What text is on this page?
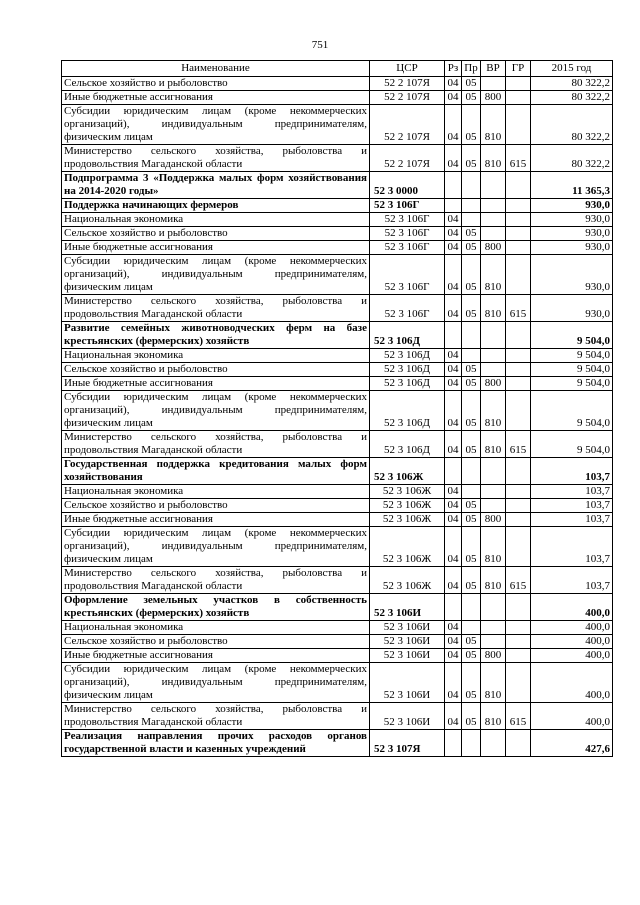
751
Наименование	ЦСР	Рз	Пр	ВР	ГР	2015 год
Сельское хозяйство и рыболовство	52 2 107Я	04	05			80 322,2
Иные бюджетные ассигнования	52 2 107Я	04	05	800		80 322,2
Субсидии юридическим лицам (кроме некоммерческих организаций), индивидуальным предпринимателям, физическим лицам	52 2 107Я	04	05	810		80 322,2
Министерство сельского хозяйства, рыболовства и продовольствия Магаданской области	52 2 107Я	04	05	810	615	80 322,2
Подпрограмма 3 «Поддержка малых форм хозяйствования на 2014-2020 годы»	52 3 0000					11 365,3
Поддержка начинающих фермеров	52 3 106Г					930,0
Национальная экономика	52 3 106Г	04				930,0
Сельское хозяйство и рыболовство	52 3 106Г	04	05			930,0
Иные бюджетные ассигнования	52 3 106Г	04	05	800		930,0
Субсидии юридическим лицам (кроме некоммерческих организаций), индивидуальным предпринимателям, физическим лицам	52 3 106Г	04	05	810		930,0
Министерство сельского хозяйства, рыболовства и продовольствия Магаданской области	52 3 106Г	04	05	810	615	930,0
Развитие семейных животноводческих ферм на базе крестьянских (фермерских) хозяйств	52 3 106Д					9 504,0
Национальная экономика	52 3 106Д	04				9 504,0
Сельское хозяйство и рыболовство	52 3 106Д	04	05			9 504,0
Иные бюджетные ассигнования	52 3 106Д	04	05	800		9 504,0
Субсидии юридическим лицам (кроме некоммерческих организаций), индивидуальным предпринимателям, физическим лицам	52 3 106Д	04	05	810		9 504,0
Министерство сельского хозяйства, рыболовства и продовольствия Магаданской области	52 3 106Д	04	05	810	615	9 504,0
Государственная поддержка кредитования малых форм хозяйствования	52 3 106Ж					103,7
Национальная экономика	52 3 106Ж	04				103,7
Сельское хозяйство и рыболовство	52 3 106Ж	04	05			103,7
Иные бюджетные ассигнования	52 3 106Ж	04	05	800		103,7
Субсидии юридическим лицам (кроме некоммерческих организаций), индивидуальным предпринимателям, физическим лицам	52 3 106Ж	04	05	810		103,7
Министерство сельского хозяйства, рыболовства и продовольствия Магаданской области	52 3 106Ж	04	05	810	615	103,7
Оформление земельных участков в собственность крестьянских (фермерских) хозяйств	52 3 106И					400,0
Национальная экономика	52 3 106И	04				400,0
Сельское хозяйство и рыболовство	52 3 106И	04	05			400,0
Иные бюджетные ассигнования	52 3 106И	04	05	800		400,0
Субсидии юридическим лицам (кроме некоммерческих организаций), индивидуальным предпринимателям, физическим лицам	52 3 106И	04	05	810		400,0
Министерство сельского хозяйства, рыболовства и продовольствия Магаданской области	52 3 106И	04	05	810	615	400,0
Реализация направления прочих расходов органов государственной власти и казенных учреждений	52 3 107Я					427,6
